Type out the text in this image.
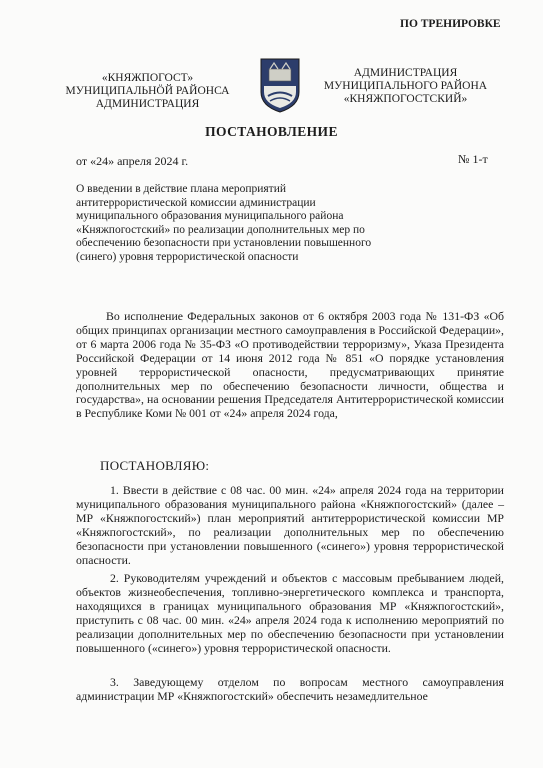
ПО ТРЕНИРОВКЕ
«КНЯЖПОГОСТ»
МУНИЦИПАЛЬНÖЙ РАЙОНСА
АДМИНИСТРАЦИЯ
АДМИНИСТРАЦИЯ
МУНИЦИПАЛЬНОГО РАЙОНА
«КНЯЖПОГОСТСКИЙ»
ПОСТАНОВЛЕНИЕ
от «24» апреля 2024 г.	№ 1-т
О введении в действие плана мероприятий антитеррористической комиссии администрации муниципального образования муниципального района «Княжпогостский» по реализации дополнительных мер по обеспечению безопасности при установлении повышенного (синего) уровня террористической опасности
Во исполнение Федеральных законов от 6 октября 2003 года № 131-ФЗ «Об общих принципах организации местного самоуправления в Российской Федерации», от 6 марта 2006 года № 35-ФЗ «О противодействии терроризму», Указа Президента Российской Федерации от 14 июня 2012 года № 851 «О порядке установления уровней террористической опасности, предусматривающих принятие дополнительных мер по обеспечению безопасности личности, общества и государства», на основании решения Председателя Антитеррористической комиссии в Республике Коми № 001 от «24» апреля 2024 года,
ПОСТАНОВЛЯЮ:
1. Ввести в действие с 08 час. 00 мин. «24» апреля 2024 года на территории муниципального образования муниципального района «Княжпогостский» (далее – МР «Княжпогостский») план мероприятий антитеррористической комиссии МР «Княжпогостский», по реализации дополнительных мер по обеспечению безопасности при установлении повышенного («синего») уровня террористической опасности.
2. Руководителям учреждений и объектов с массовым пребыванием людей, объектов жизнеобеспечения, топливно-энергетического комплекса и транспорта, находящихся в границах муниципального образования МР «Княжпогостский», приступить с 08 час. 00 мин. «24» апреля 2024 года к исполнению мероприятий по реализации дополнительных мер по обеспечению безопасности при установлении повышенного («синего») уровня террористической опасности.
3. Заведующему отделом по вопросам местного самоуправления администрации МР «Княжпогостский» обеспечить незамедлительное
